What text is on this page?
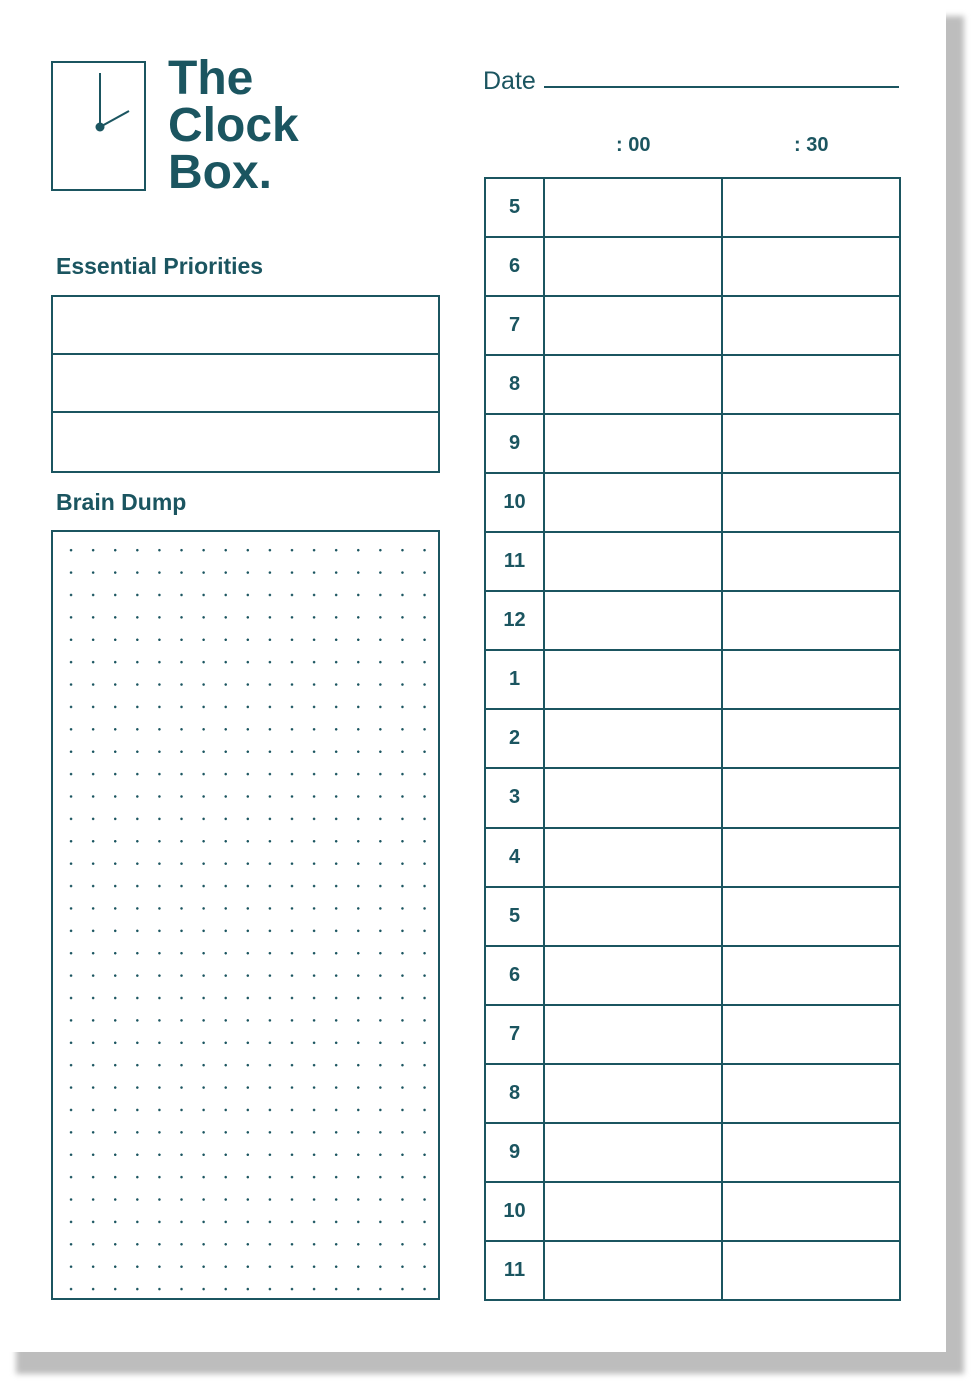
The
Clock
Box.
Essential Priorities
Brain Dump
Date
: 00	: 30
5
6
7
8
9
10
11
12
1
2
3
4
5
6
7
8
9
10
11
